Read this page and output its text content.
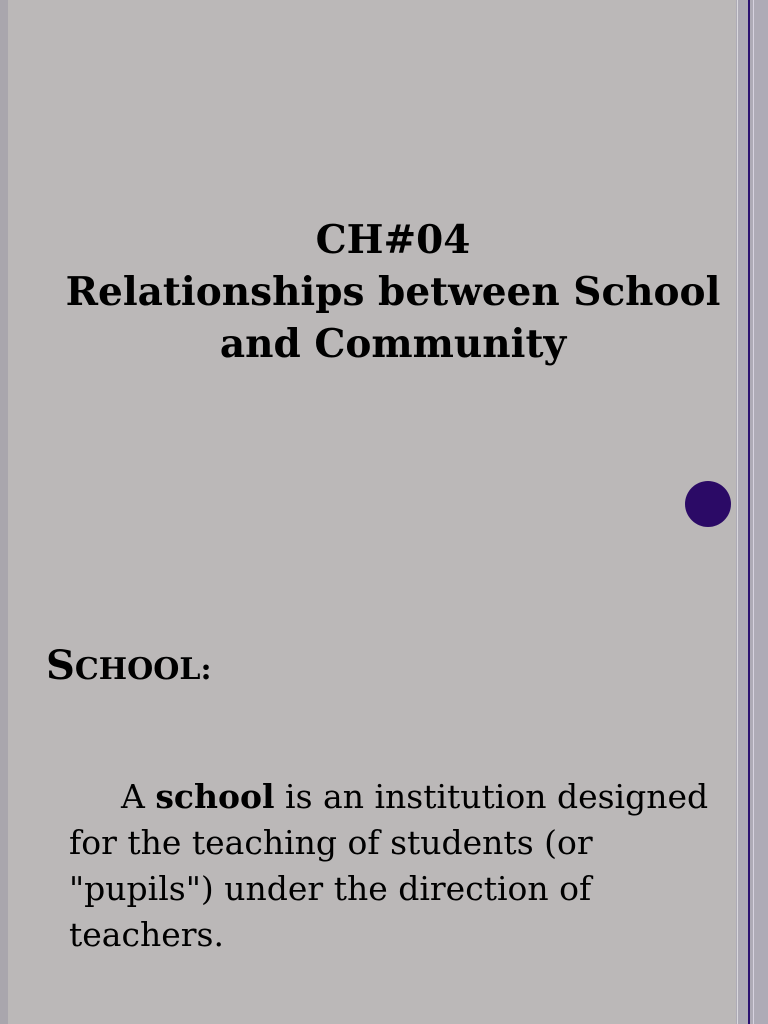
CH#04
Relationships between School
and Community
SCHOOL:
A school is an institution designed
for the teaching of students (or
"pupils") under the direction of
teachers.
